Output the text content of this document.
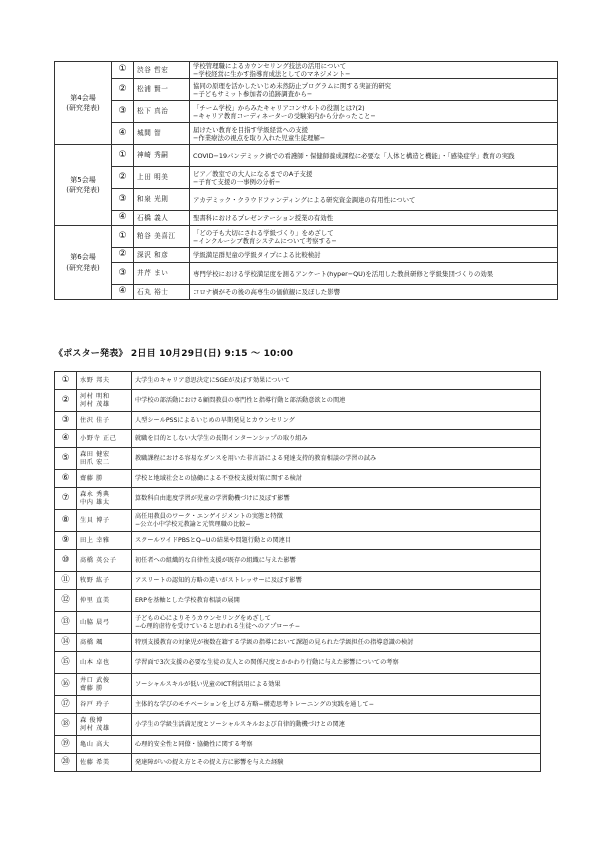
第4会場
(研究発表)	①	渋谷 哲宏	学校管理職によるカウンセリング技法の活用について
−学校経営に生かす指導育成法としてのマネジメント−
	②	松浦 賢一	協同の原理を活かしたいじめ未然防止プログラムに関する実証的研究
−子どもサミット参加者の追跡調査から−
	③	松下 真治	「チーム学校」からみたキャリアコンサルトの役割とは?(2)
−キャリア教育コーディネーターの受験案内から分かったこと−
	④	城間 智	届けたい教育を目指す学級経営への支援
−作業療法の視点を取り入れた児童生徒理解−
第5会場
(研究発表)	①	神崎 秀嗣	COVID−19パンデミック禍での看護師・保健師養成課程に必要な「人体と構造と機能」・「感染症学」教育の実践
	②	上田 明美	ピア／教室での大人になるまでのA子支援
−子育て支援の一事例の分析−
	③	和泉 光則	アカデミック・クラウドファンディングによる研究資金調達の有用性について
	④	石橋 義人	聖書科におけるプレゼンテーション授業の有効性
第6会場
(研究発表)	①	粕谷 美喜江	「どの子も大切にされる学級づくり」をめざして
−インクルーシブ教育システムについて考察する−
	②	深沢 和彦	学級満足群児童の学級タイプによる比較検討
	③	井芹 まい	専門学校における学校満足度を測るアンケート(hyper−QU)を活用した教員研修と学級集団づくりの効果
	④	石丸 裕士	コロナ禍がその後の高専生の価値観に及ぼした影響
《ポスター発表》 2日目 10月29日(日) 9:15 ～ 10:00
①	水野 邦夫	大学生のキャリア意思決定にSGEが及ぼす効果について
②	河村 明和
河村 茂雄	中学校の部活動における顧問教員の専門性と指導行動と部活動意欲との関連
③	住沢 佳子	人型シールPSSによるいじめの早期発見とカウンセリング
④	小野寺 正己	就職を目的としない大学生の長期インターンシップの取り組み
⑤	森田 健宏
田爪 宏二	教職課程における容易なダンスを用いた非言語による発達支持的教育相談の学習の試み
⑥	齋藤 勝	学校と地域社会との協働による不登校支援対策に関する検討
⑦	森永 秀典
中内 雄太	算数科自由進度学習が児童の学習動機づけに及ぼす影響
⑧	生貝 博子	高任用教員のワーク・エンゲイジメントの実態と特徴
−公立小中学校元教諭と元管理職の比較−
⑨	田上 幸雅	スクールワイドPBSとQ−Uの結果や問題行動との関連目
⑩	髙橋 英公子	初任者への組織的な自律性支援が既存の組織に与えた影響
⑪	牧野 紘子	アスリートの認知的方略の違いがストレッサーに及ぼす影響
⑫	仲里 直美	ERPを基軸とした学校教育相談の展開
⑬	山脇 晨弓	子どもの心によりそうカウンセリングをめざして
−心理的虐待を受けていると思われる生徒へのアプローチ−
⑭	髙橋 颯	特別支援教育の対象児が複数在籍する学級の指導において課題の見られた学級担任の指導意識の検討
⑮	山本 卓也	学習面で3次支援の必要な生徒の友人との関係尺度とかかわり行動に与えた影響についての考察
⑯	井口 武俊
齋藤 勝	ソーシャルスキルが低い児童のICT利活用による効果
⑰	谷戸 玲子	主体的な学びのモチベーションを上げる方略−構造思考トレーニングの実践を通して−
⑱	森 俊博
河村 茂雄	小学生の学級生活満足度とソーシャルスキルおよび自律的動機づけとの関連
⑲	亀山 高大	心理的安全性と同僚・協働性に関する考察
⑳	佐藤 希美	発達障がいの捉え方とその捉え方に影響を与えた経験
